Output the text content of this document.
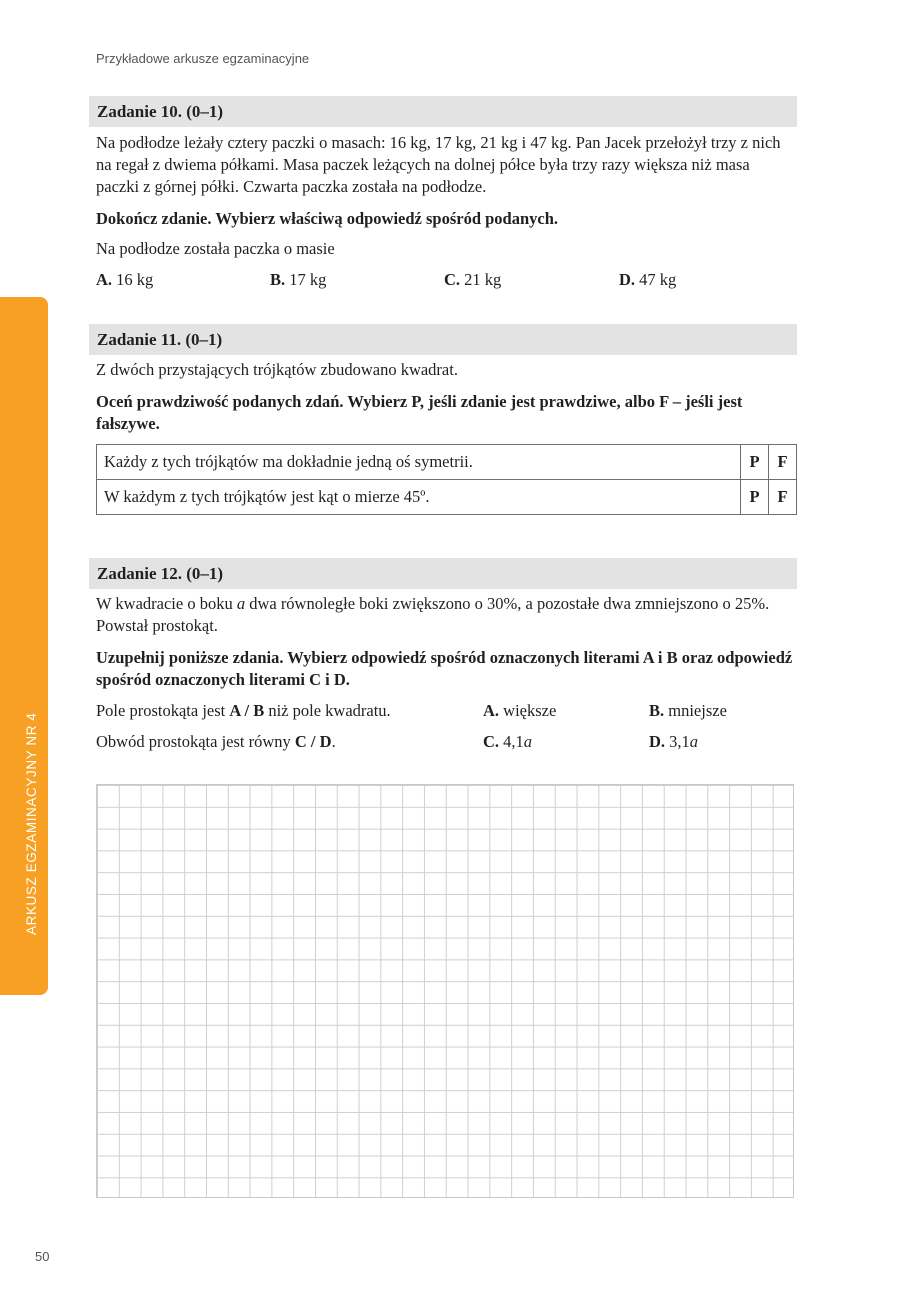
Przykładowe arkusze egzaminacyjne
ARKUSZ EGZAMINACYJNY NR 4
Zadanie 10. (0–1)
Na podłodze leżały cztery paczki o masach: 16 kg, 17 kg, 21 kg i 47 kg. Pan Jacek przełożył trzy z nich na regał z dwiema półkami. Masa paczek leżących na dolnej półce była trzy razy większa niż masa paczki z górnej półki. Czwarta paczka została na podłodze.
Dokończ zdanie. Wybierz właściwą odpowiedź spośród podanych.
Na podłodze została paczka o masie
A. 16 kg	B. 17 kg	C. 21 kg	D. 47 kg
Zadanie 11. (0–1)
Z dwóch przystających trójkątów zbudowano kwadrat.
Oceń prawdziwość podanych zdań. Wybierz P, jeśli zdanie jest prawdziwe, albo F – jeśli jest fałszywe.
Każdy z tych trójkątów ma dokładnie jedną oś symetrii.	P	F
W każdym z tych trójkątów jest kąt o mierze 45º.	P	F
Zadanie 12. (0–1)
W kwadracie o boku a dwa równoległe boki zwiększono o 30%, a pozostałe dwa zmniejszono o 25%. Powstał prostokąt.
Uzupełnij poniższe zdania. Wybierz odpowiedź spośród oznaczonych literami A i B oraz odpowiedź spośród oznaczonych literami C i D.
Pole prostokąta jest A / B niż pole kwadratu.	A. większe	B. mniejsze
Obwód prostokąta jest równy C / D.	C. 4,1a	D. 3,1a
50
